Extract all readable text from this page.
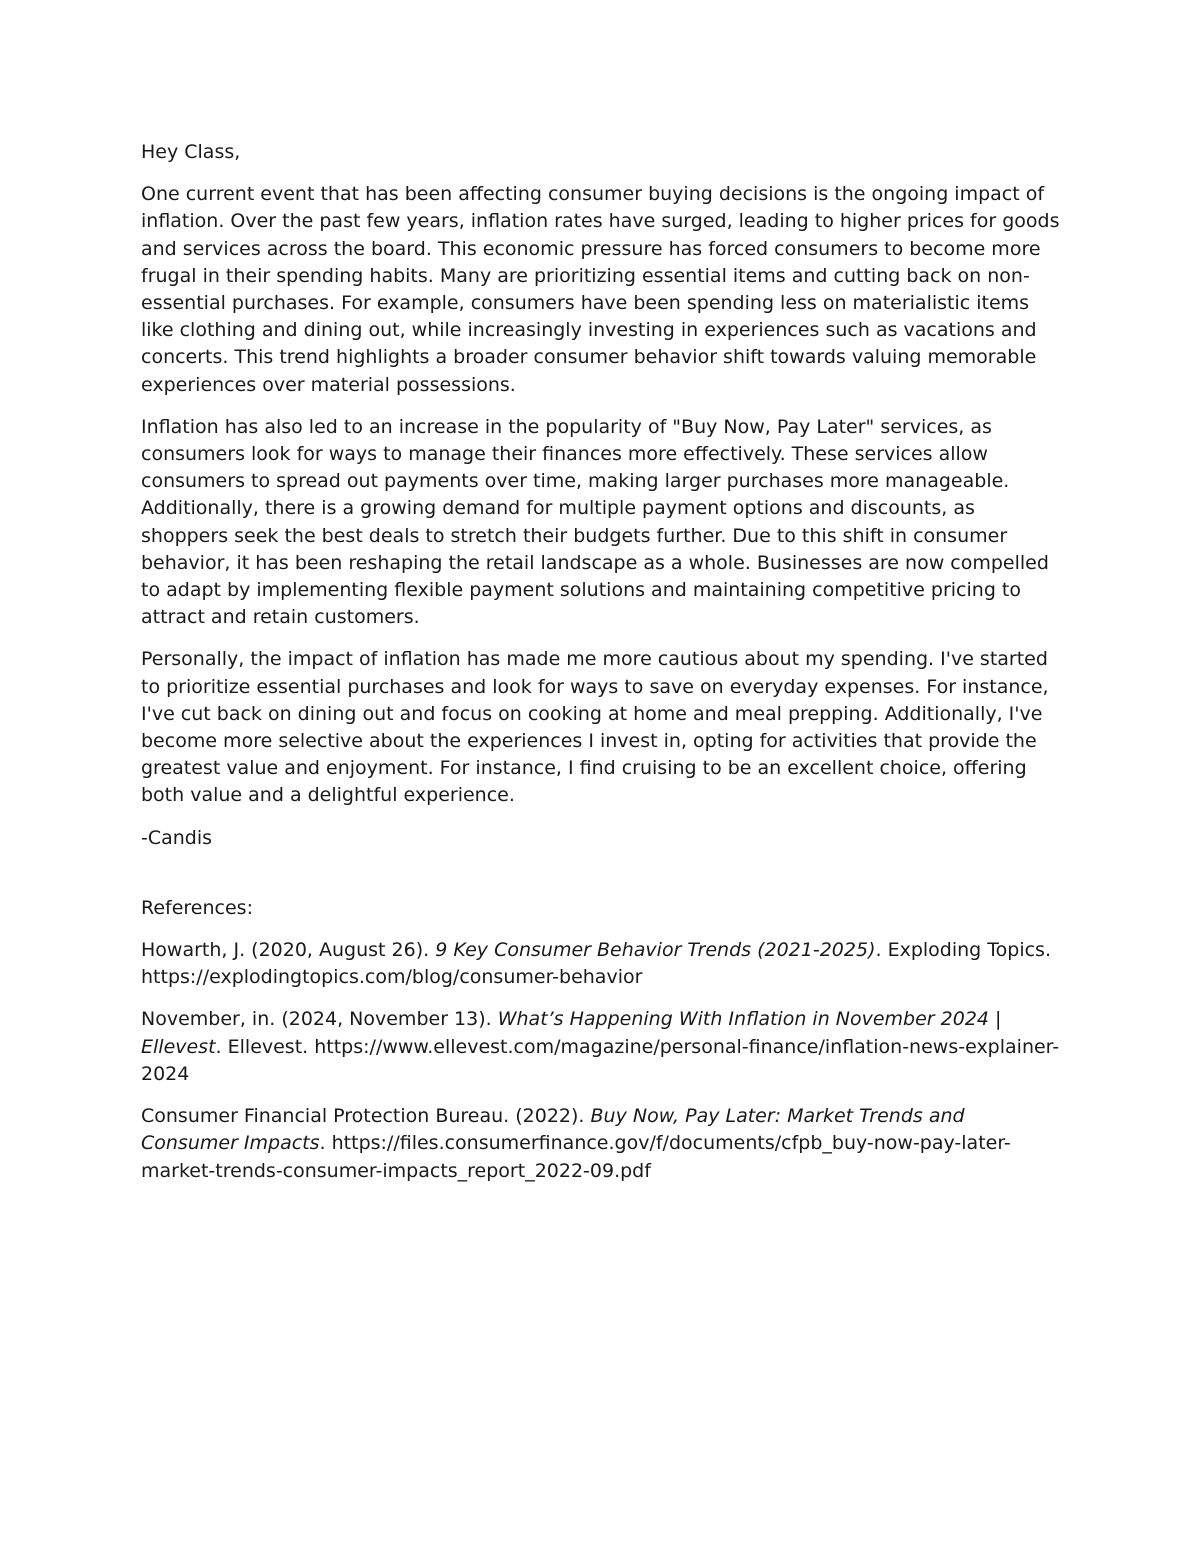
Hey Class,

One current event that has been affecting consumer buying decisions is the ongoing impact of inflation. Over the past few years, inflation rates have surged, leading to higher prices for goods and services across the board. This economic pressure has forced consumers to become more frugal in their spending habits. Many are prioritizing essential items and cutting back on non-essential purchases. For example, consumers have been spending less on materialistic items like clothing and dining out, while increasingly investing in experiences such as vacations and concerts. This trend highlights a broader consumer behavior shift towards valuing memorable experiences over material possessions.

Inflation has also led to an increase in the popularity of "Buy Now, Pay Later" services, as consumers look for ways to manage their finances more effectively. These services allow consumers to spread out payments over time, making larger purchases more manageable. Additionally, there is a growing demand for multiple payment options and discounts, as shoppers seek the best deals to stretch their budgets further. Due to this shift in consumer behavior, it has been reshaping the retail landscape as a whole. Businesses are now compelled to adapt by implementing flexible payment solutions and maintaining competitive pricing to attract and retain customers.

Personally, the impact of inflation has made me more cautious about my spending. I've started to prioritize essential purchases and look for ways to save on everyday expenses. For instance, I've cut back on dining out and focus on cooking at home and meal prepping. Additionally, I've become more selective about the experiences I invest in, opting for activities that provide the greatest value and enjoyment. For instance, I find cruising to be an excellent choice, offering both value and a delightful experience.

-Candis

References:

Howarth, J. (2020, August 26). 9 Key Consumer Behavior Trends (2021-2025). Exploding Topics. https://explodingtopics.com/blog/consumer-behavior

November, in. (2024, November 13). What’s Happening With Inflation in November 2024 | Ellevest. Ellevest. https://www.ellevest.com/magazine/personal-finance/inflation-news-explainer-2024

Consumer Financial Protection Bureau. (2022). Buy Now, Pay Later: Market Trends and Consumer Impacts. https://files.consumerfinance.gov/f/documents/cfpb_buy-now-pay-later-market-trends-consumer-impacts_report_2022-09.pdf
